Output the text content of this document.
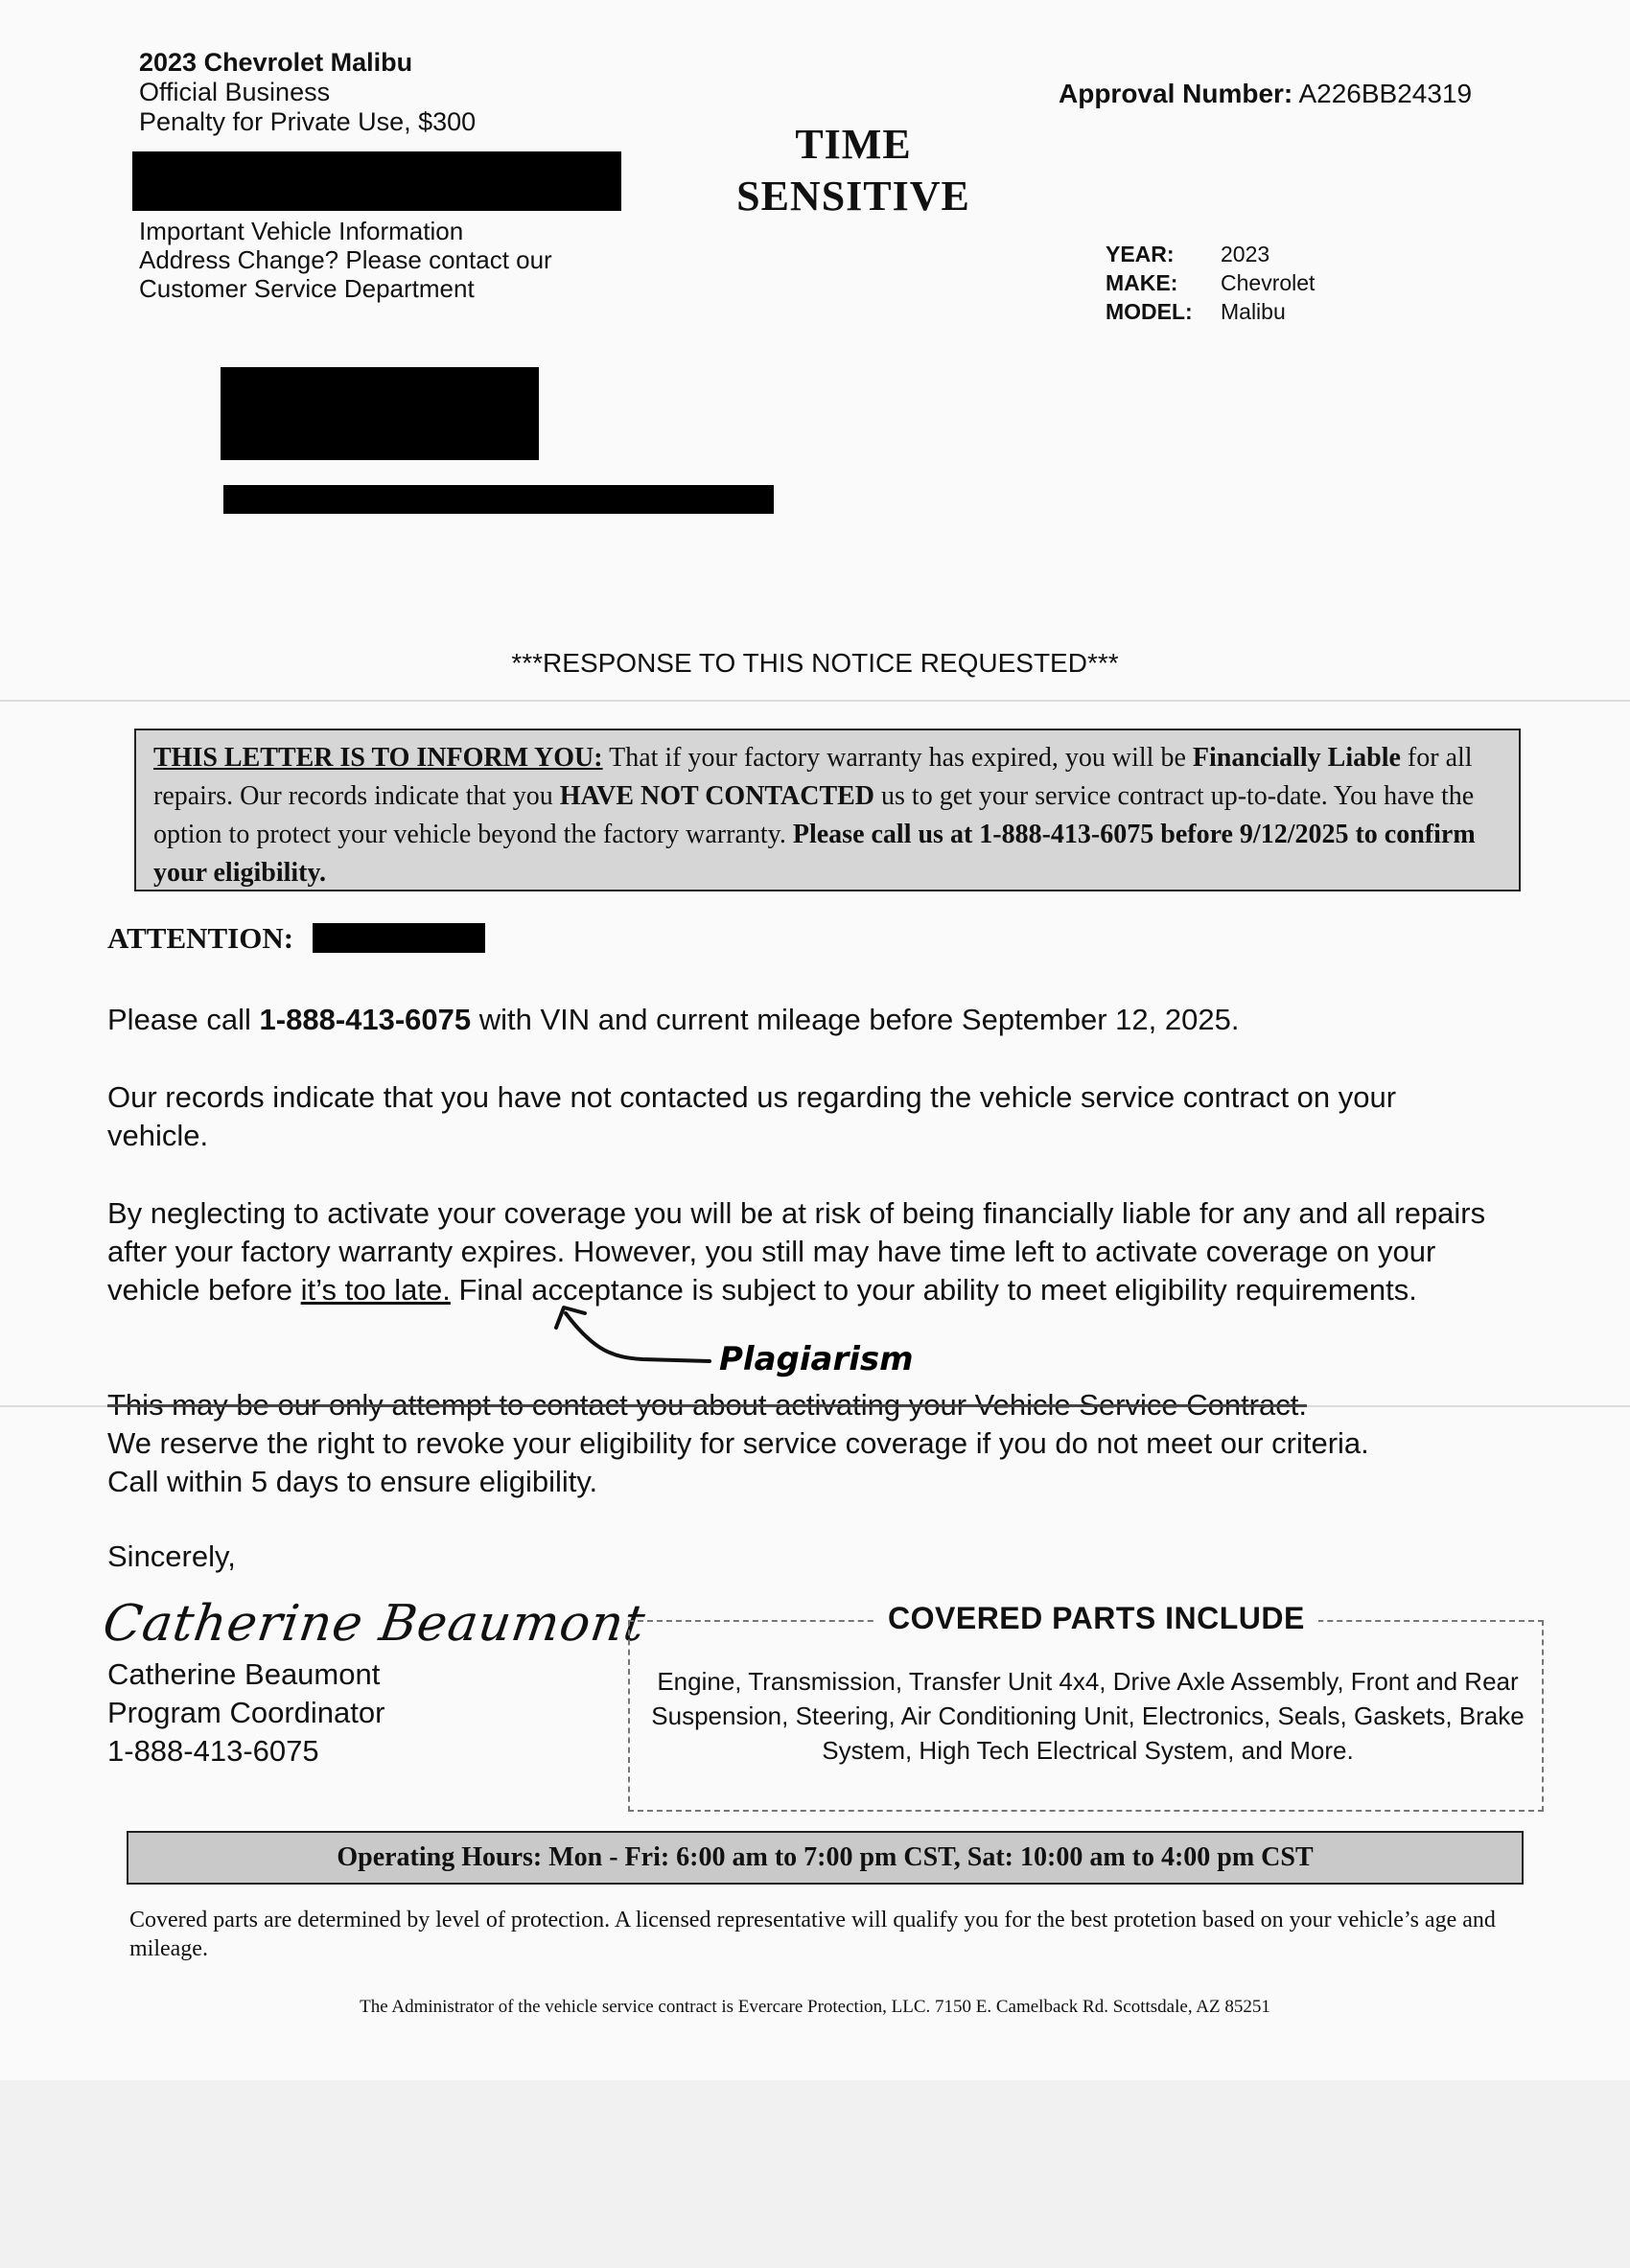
2023 Chevrolet Malibu
Official Business
Penalty for Private Use, $300
Important Vehicle Information
Address Change? Please contact our
Customer Service Department
TIME
SENSITIVE
Approval Number: A226BB24319
YEAR:	2023
MAKE:	Chevrolet
MODEL:	Malibu
***RESPONSE TO THIS NOTICE REQUESTED***
THIS LETTER IS TO INFORM YOU: That if your factory warranty has expired, you will be Financially Liable for all repairs. Our records indicate that you HAVE NOT CONTACTED us to get your service contract up-to-date. You have the option to protect your vehicle beyond the factory warranty. Please call us at 1-888-413-6075 before 9/12/2025 to confirm your eligibility.
ATTENTION:
Please call 1-888-413-6075 with VIN and current mileage before September 12, 2025.
Our records indicate that you have not contacted us regarding the vehicle service contract on your vehicle.
By neglecting to activate your coverage you will be at risk of being financially liable for any and all repairs after your factory warranty expires. However, you still may have time left to activate coverage on your vehicle before it’s too late. Final acceptance is subject to your ability to meet eligibility requirements.
Plagiarism
This may be our only attempt to contact you about activating your Vehicle Service Contract.
We reserve the right to revoke your eligibility for service coverage if you do not meet our criteria.
Call within 5 days to ensure eligibility.
Sincerely,
Catherine Beaumont
Catherine Beaumont
Program Coordinator
1-888-413-6075
COVERED PARTS INCLUDE
Engine, Transmission, Transfer Unit 4x4, Drive Axle Assembly, Front and Rear Suspension, Steering, Air Conditioning Unit, Electronics, Seals, Gaskets, Brake System, High Tech Electrical System, and More.
Operating Hours: Mon - Fri: 6:00 am to 7:00 pm CST, Sat: 10:00 am to 4:00 pm CST
Covered parts are determined by level of protection. A licensed representative will qualify you for the best protetion based on your vehicle’s age and mileage.
The Administrator of the vehicle service contract is Evercare Protection, LLC. 7150 E. Camelback Rd. Scottsdale, AZ 85251
